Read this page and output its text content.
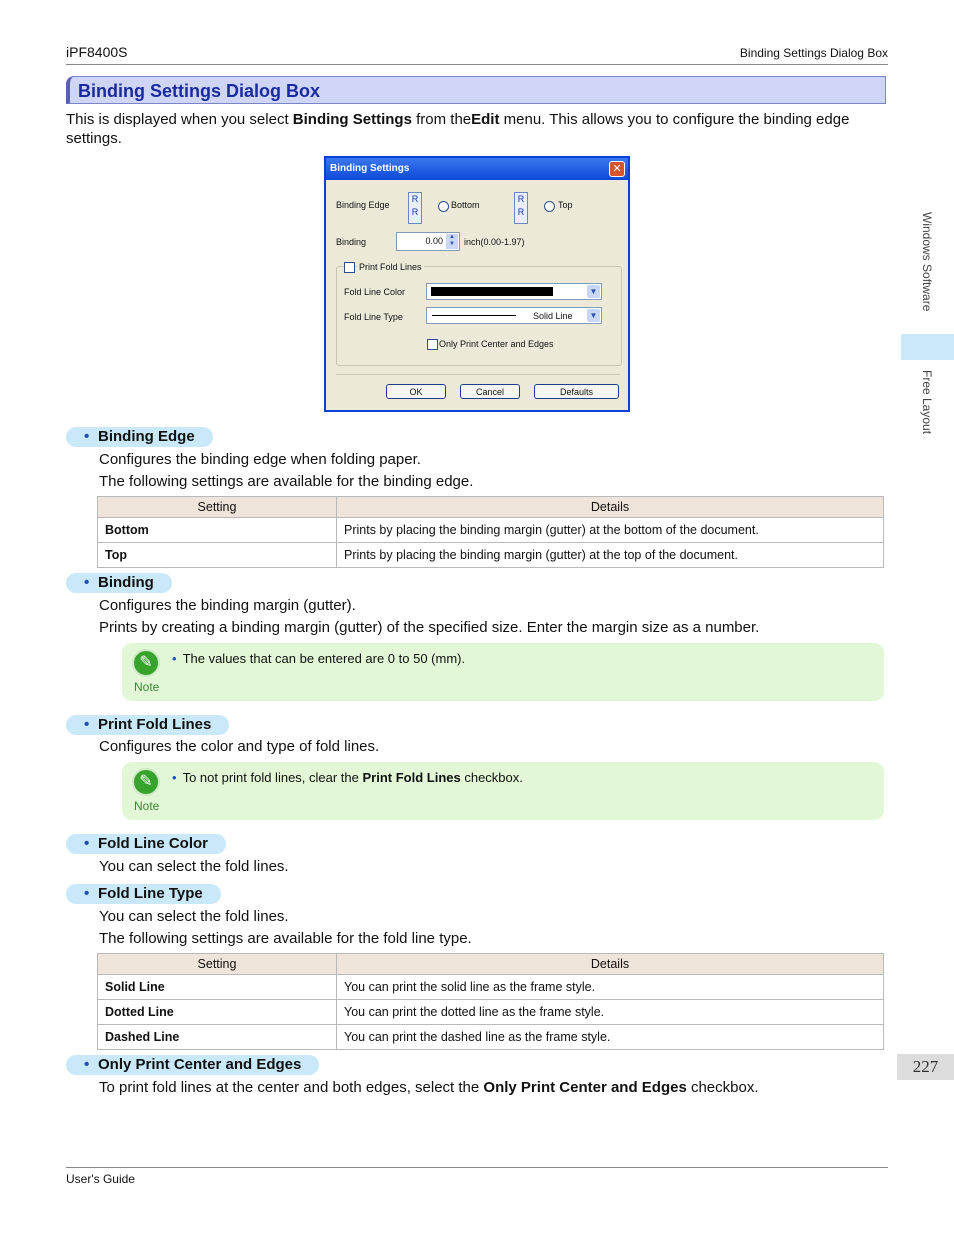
iPF8400S	Binding Settings Dialog Box
Binding Settings Dialog Box
This is displayed when you select Binding Settings from theEdit menu. This allows you to configure the binding edge settings.
Binding Settings	✕
Binding Edge
R
R
Bottom
R
R
Top
Binding	0.00	▲
▼	inch(0.00-1.97)
Print Fold Lines
Fold Line Color	▼
Fold Line Type	Solid Line	▼
Only Print Center and Edges
OK	Cancel	Defaults
• Binding Edge
Configures the binding edge when folding paper.
The following settings are available for the binding edge.
Setting	Details
Bottom	Prints by placing the binding margin (gutter) at the bottom of the document.
Top	Prints by placing the binding margin (gutter) at the top of the document.
• Binding
Configures the binding margin (gutter).
Prints by creating a binding margin (gutter) of the specified size. Enter the margin size as a number.
✎
Note
• The values that can be entered are 0 to 50 (mm).
• Print Fold Lines
Configures the color and type of fold lines.
✎
Note
• To not print fold lines, clear the Print Fold Lines checkbox.
• Fold Line Color
You can select the fold lines.
• Fold Line Type
You can select the fold lines.
The following settings are available for the fold line type.
Setting	Details
Solid Line	You can print the solid line as the frame style.
Dotted Line	You can print the dotted line as the frame style.
Dashed Line	You can print the dashed line as the frame style.
• Only Print Center and Edges
To print fold lines at the center and both edges, select the Only Print Center and Edges checkbox.
Windows Software
Free Layout
227
User's Guide
